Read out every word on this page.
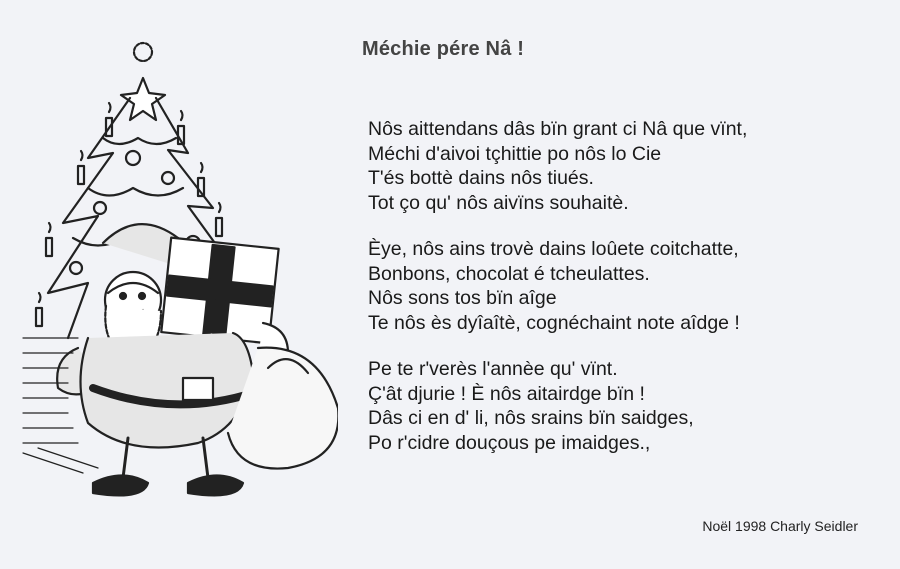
Méchie pére Nâ !
Nôs aittendans dâs bïn grant ci Nâ que vïnt,
Méchi d'aivoi tçhittie po nôs lo Cie
T'és bottè dains nôs tiués.
Tot ço qu' nôs aivïns souhaitè.
Èye, nôs ains trovè dains loûete coitchatte,
Bonbons, chocolat é tcheulattes.
Nôs sons tos bïn aîge
Te nôs ès dyîaîtè, cognéchaint note aîdge !
Pe te r'verès l'annèe qu' vïnt.
Ç'ât djurie ! È nôs aitairdge bïn !
Dâs ci en d' li, nôs srains bïn saidges,
Po r'cidre douçous pe imaidges.,
Noël 1998 Charly Seidler
